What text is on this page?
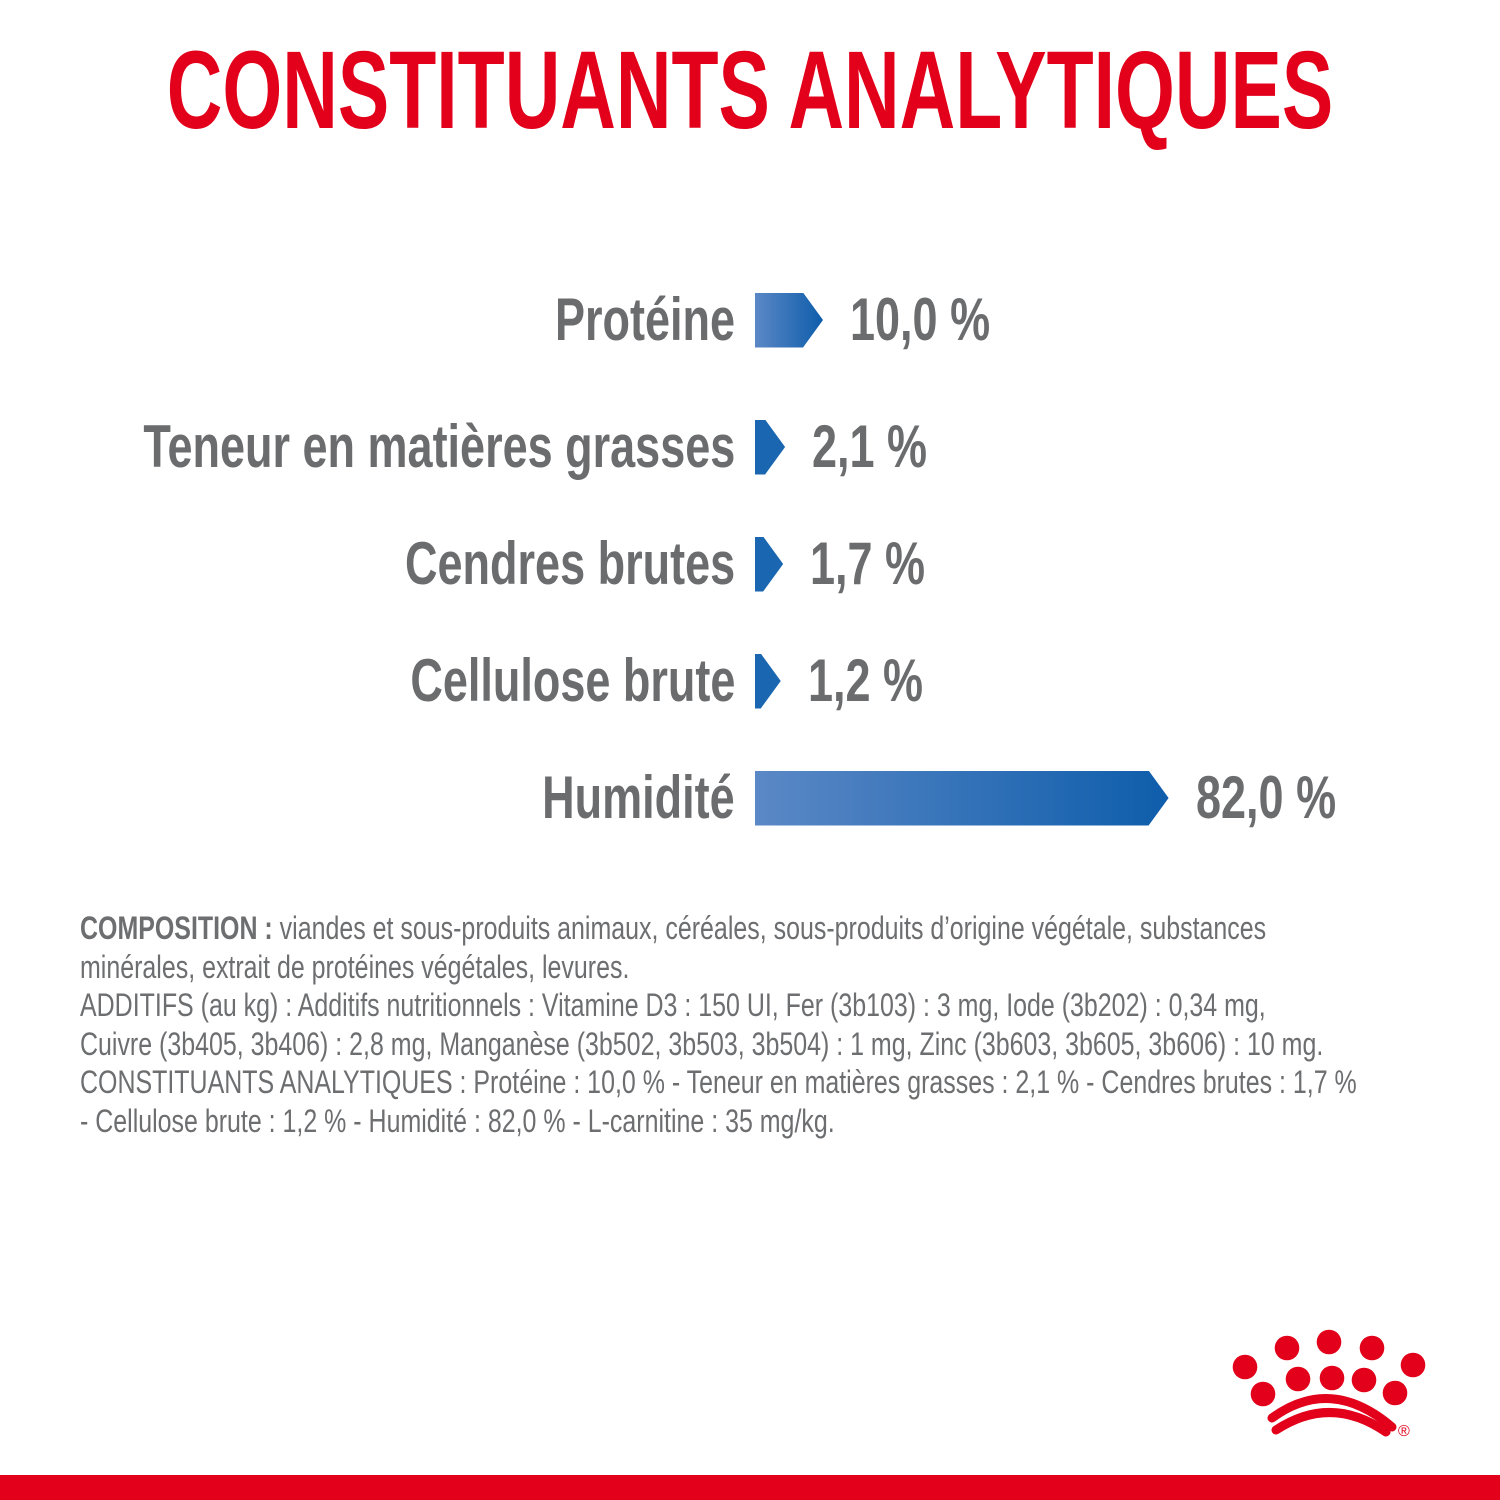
CONSTITUANTS ANALYTIQUES
Protéine 10,0 %
Teneur en matières grasses 2,1 %
Cendres brutes 1,7 %
Cellulose brute 1,2 %
Humidité	82,0 %
COMPOSITION : viandes et sous-produits animaux, céréales, sous-produits d’origine végétale, substances
minérales, extrait de protéines végétales, levures.
ADDITIFS (au kg) : Additifs nutritionnels : Vitamine D3 : 150 UI, Fer (3b103) : 3 mg, Iode (3b202) : 0,34 mg,
Cuivre (3b405, 3b406) : 2,8 mg, Manganèse (3b502, 3b503, 3b504) : 1 mg, Zinc (3b603, 3b605, 3b606) : 10 mg.
CONSTITUANTS ANALYTIQUES : Protéine : 10,0 % - Teneur en matières grasses : 2,1 % - Cendres brutes : 1,7 %
- Cellulose brute : 1,2 % - Humidité : 82,0 % - L-carnitine : 35 mg/kg.
®
